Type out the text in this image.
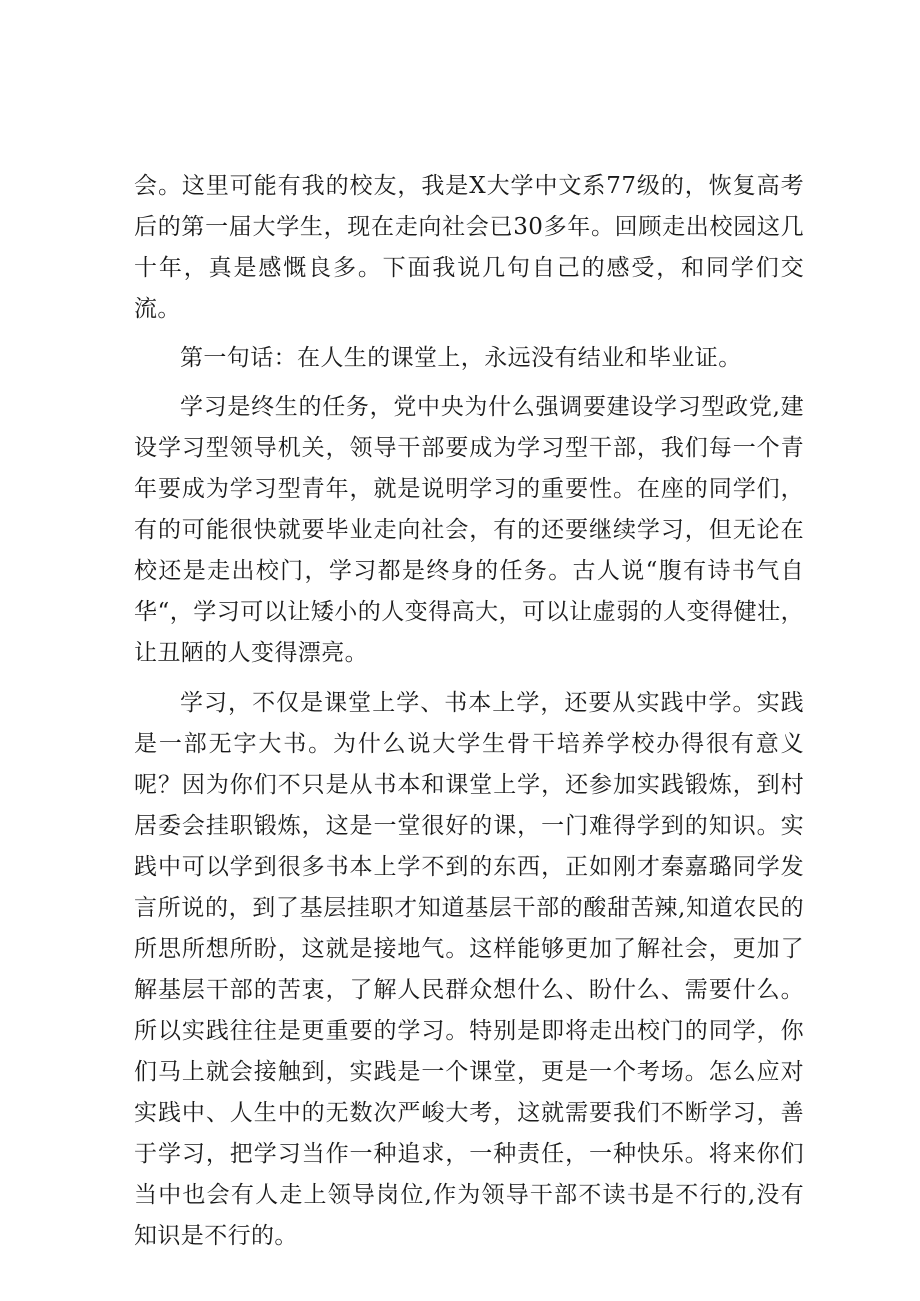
会。这里可能有我的校友，我是X大学中文系77级的，恢复高考后的第一届大学生，现在走向社会已30多年。回顾走出校园这几十年，真是感慨良多。下面我说几句自己的感受，和同学们交流。

第一句话：在人生的课堂上，永远没有结业和毕业证。

学习是终生的任务，党中央为什么强调要建设学习型政党,建设学习型领导机关，领导干部要成为学习型干部，我们每一个青年要成为学习型青年，就是说明学习的重要性。在座的同学们，有的可能很快就要毕业走向社会，有的还要继续学习，但无论在校还是走出校门，学习都是终身的任务。古人说“腹有诗书气自华“，学习可以让矮小的人变得高大，可以让虚弱的人变得健壮，让丑陋的人变得漂亮。

学习，不仅是课堂上学、书本上学，还要从实践中学。实践是一部无字大书。为什么说大学生骨干培养学校办得很有意义呢？因为你们不只是从书本和课堂上学，还参加实践锻炼，到村居委会挂职锻炼，这是一堂很好的课，一门难得学到的知识。实践中可以学到很多书本上学不到的东西，正如刚才秦嘉璐同学发言所说的，到了基层挂职才知道基层干部的酸甜苦辣,知道农民的所思所想所盼，这就是接地气。这样能够更加了解社会，更加了解基层干部的苦衷，了解人民群众想什么、盼什么、需要什么。所以实践往往是更重要的学习。特别是即将走出校门的同学，你们马上就会接触到，实践是一个课堂，更是一个考场。怎么应对实践中、人生中的无数次严峻大考，这就需要我们不断学习，善于学习，把学习当作一种追求，一种责任，一种快乐。将来你们当中也会有人走上领导岗位,作为领导干部不读书是不行的,没有知识是不行的。
